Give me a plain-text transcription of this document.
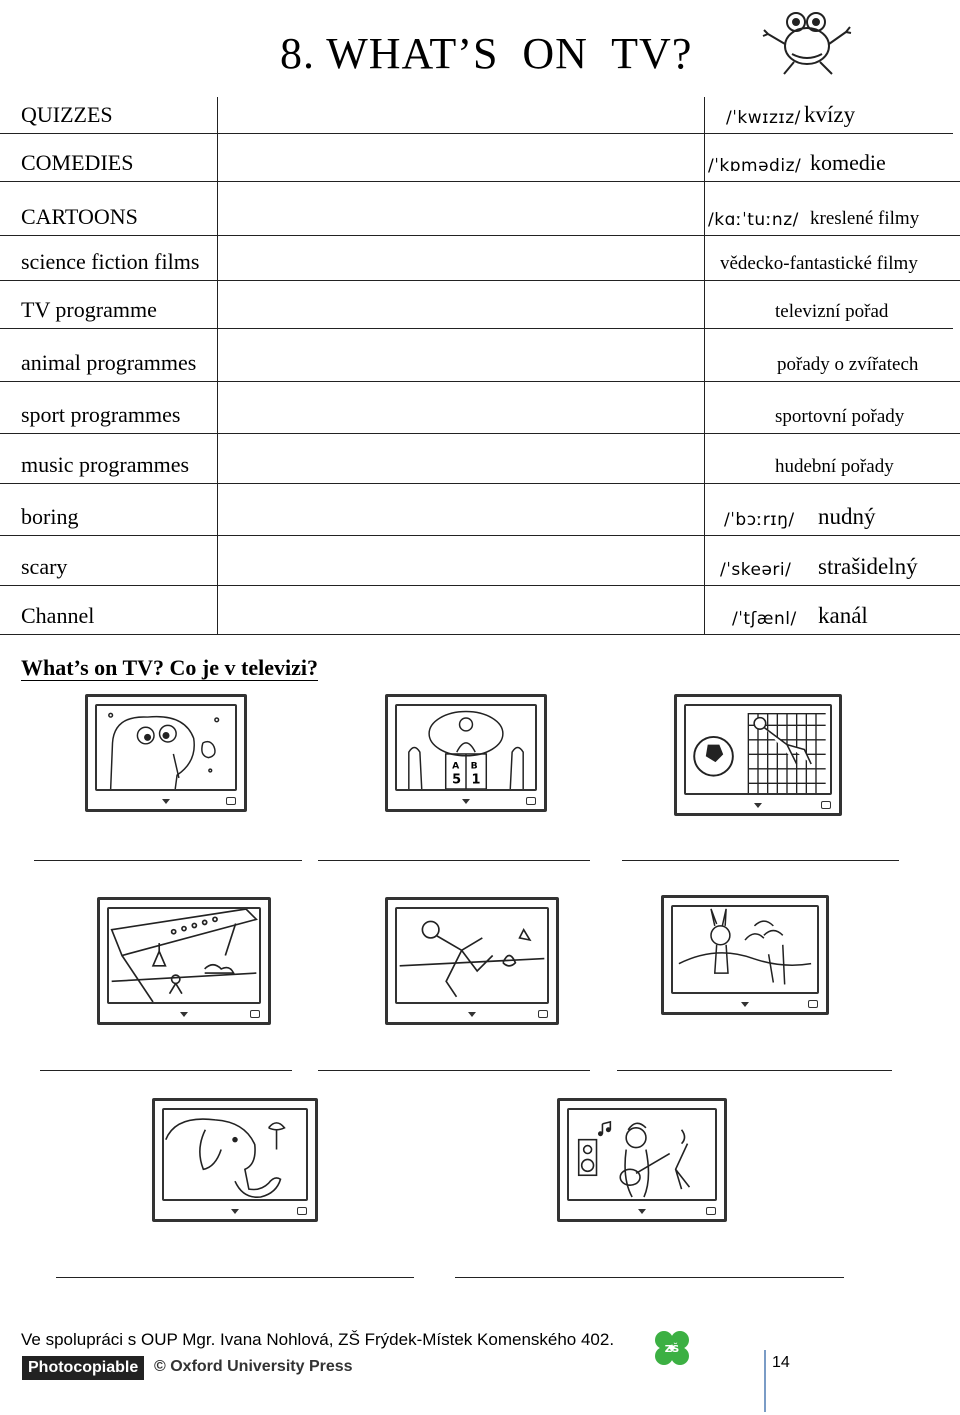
8. WHAT’S  ON  TV?
QUIZZES	/ˈkwɪzɪz/ kvízy
COMEDIES	/ˈkɒmədiz/ komedie
CARTOONS	/kɑːˈtuːnz/ kreslené filmy
science fiction films	vědecko-fantastické filmy
TV programme	televizní pořad
animal programmes	pořady o zvířatech
sport programmes	sportovní pořady
music programmes	hudební pořady
boring	/ˈbɔːrɪŋ/ nudný
scary	/ˈskeəri/ strašidelný
Channel	/ˈtʃænl/ kanál
What’s on TV? Co je v televizi?
A B
5 1
Ve spolupráci s OUP Mgr. Ivana Nohlová, ZŠ Frýdek-Místek Komenského 402.
Photocopiable © Oxford University Press
ZŠ
14
